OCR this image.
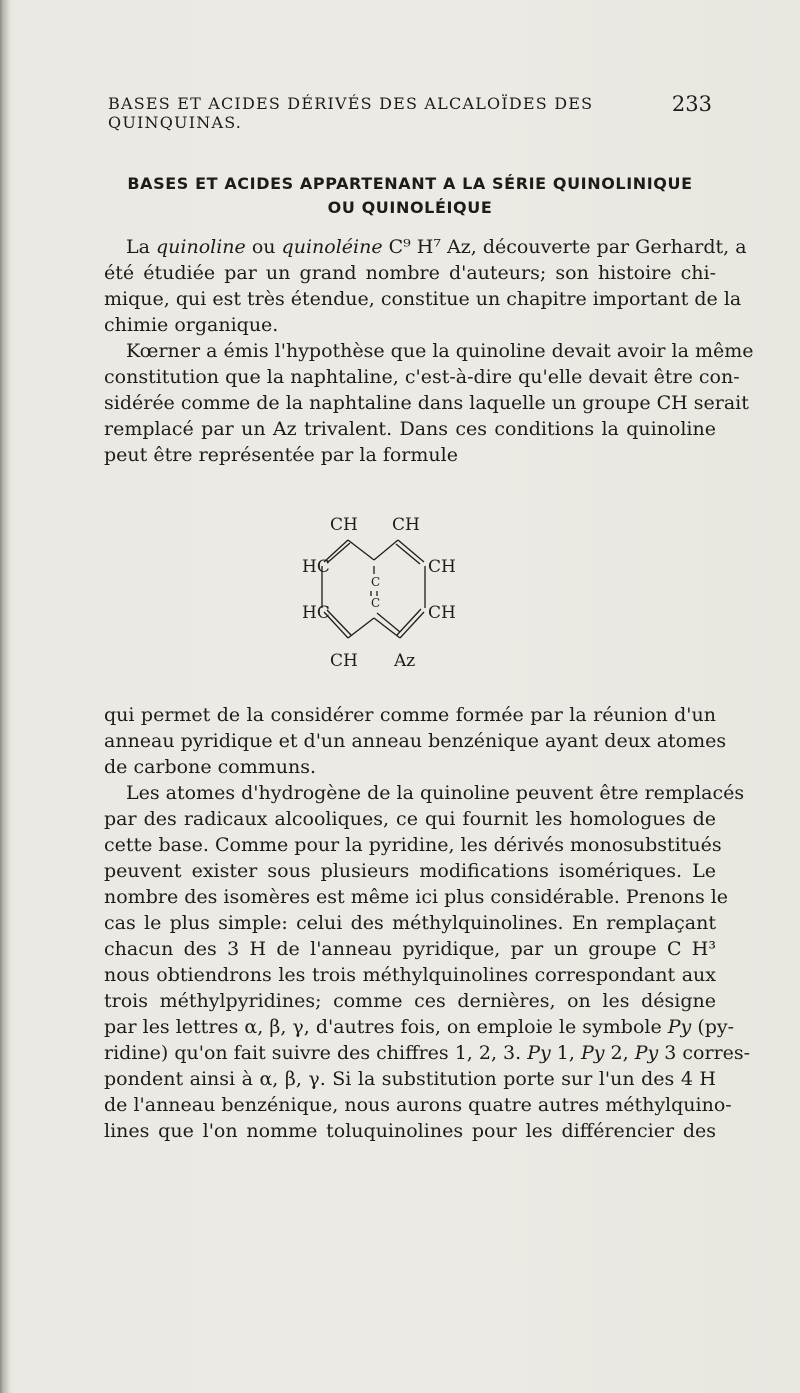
BASES ET ACIDES DÉRIVÉS DES ALCALOÏDES DES QUINQUINAS.
233
BASES ET ACIDES APPARTENANT A LA SÉRIE QUINOLINIQUE
OU QUINOLÉIQUE
La quinoline ou quinoléine C⁹ H⁷ Az, découverte par Gerhardt, a
été étudiée par un grand nombre d'auteurs; son histoire chi-
mique, qui est très étendue, constitue un chapitre important de la
chimie organique.
Kœrner a émis l'hypothèse que la quinoline devait avoir la même
constitution que la naphtaline, c'est-à-dire qu'elle devait être con-
sidérée comme de la naphtaline dans laquelle un groupe CH serait
remplacé par un Az trivalent. Dans ces conditions la quinoline
peut être représentée par la formule
CH CH
HC
HC
CH
CH
CH Az
C
C
qui permet de la considérer comme formée par la réunion d'un
anneau pyridique et d'un anneau benzénique ayant deux atomes
de carbone communs.
Les atomes d'hydrogène de la quinoline peuvent être remplacés
par des radicaux alcooliques, ce qui fournit les homologues de
cette base. Comme pour la pyridine, les dérivés monosubstitués
peuvent exister sous plusieurs modifications isomériques. Le
nombre des isomères est même ici plus considérable. Prenons le
cas le plus simple: celui des méthylquinolines. En remplaçant
chacun des 3 H de l'anneau pyridique, par un groupe C H³
nous obtiendrons les trois méthylquinolines correspondant aux
trois méthylpyridines; comme ces dernières, on les désigne
par les lettres α, β, γ, d'autres fois, on emploie le symbole Py (py-
ridine) qu'on fait suivre des chiffres 1, 2, 3. Py 1, Py 2, Py 3 corres-
pondent ainsi à α, β, γ. Si la substitution porte sur l'un des 4 H
de l'anneau benzénique, nous aurons quatre autres méthylquino-
lines que l'on nomme toluquinolines pour les différencier des
